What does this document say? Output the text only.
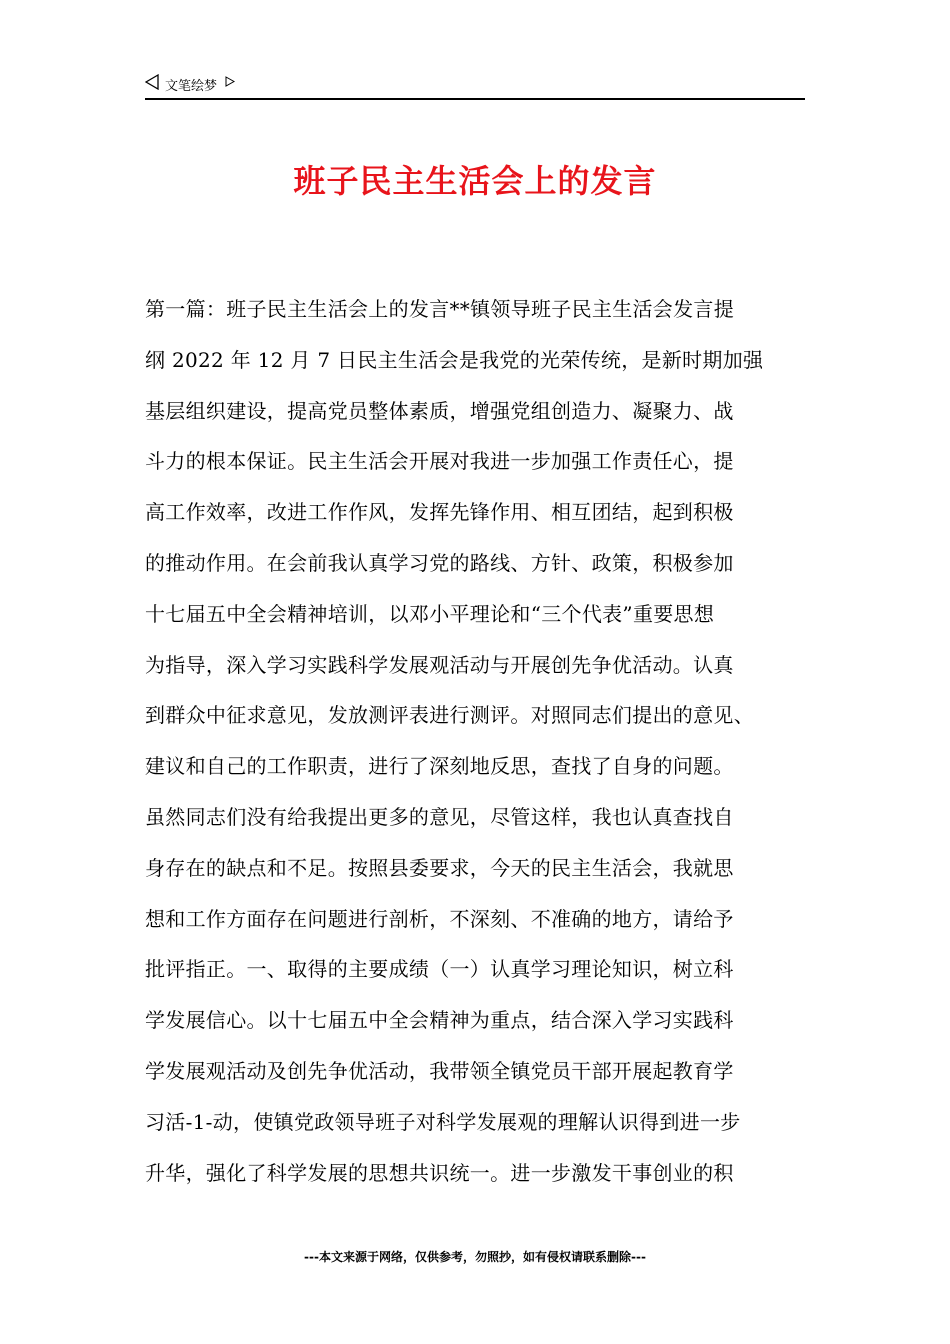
文笔绘梦
班子民主生活会上的发言
第一篇：班子民主生活会上的发言**镇领导班子民主生活会发言提
纲 2022 年 12 月 7 日民主生活会是我党的光荣传统，是新时期加强
基层组织建设，提高党员整体素质，增强党组创造力、凝聚力、战
斗力的根本保证。民主生活会开展对我进一步加强工作责任心，提
高工作效率，改进工作作风，发挥先锋作用、相互团结，起到积极
的推动作用。在会前我认真学习党的路线、方针、政策，积极参加
十七届五中全会精神培训，以邓小平理论和“三个代表”重要思想
为指导，深入学习实践科学发展观活动与开展创先争优活动。认真
到群众中征求意见，发放测评表进行测评。对照同志们提出的意见、
建议和自己的工作职责，进行了深刻地反思，查找了自身的问题。
虽然同志们没有给我提出更多的意见，尽管这样，我也认真查找自
身存在的缺点和不足。按照县委要求，今天的民主生活会，我就思
想和工作方面存在问题进行剖析，不深刻、不准确的地方，请给予
批评指正。一、取得的主要成绩（一）认真学习理论知识，树立科
学发展信心。以十七届五中全会精神为重点，结合深入学习实践科
学发展观活动及创先争优活动，我带领全镇党员干部开展起教育学
习活-1-动，使镇党政领导班子对科学发展观的理解认识得到进一步
升华，强化了科学发展的思想共识统一。进一步激发干事创业的积
---本文来源于网络，仅供参考，勿照抄，如有侵权请联系删除---
